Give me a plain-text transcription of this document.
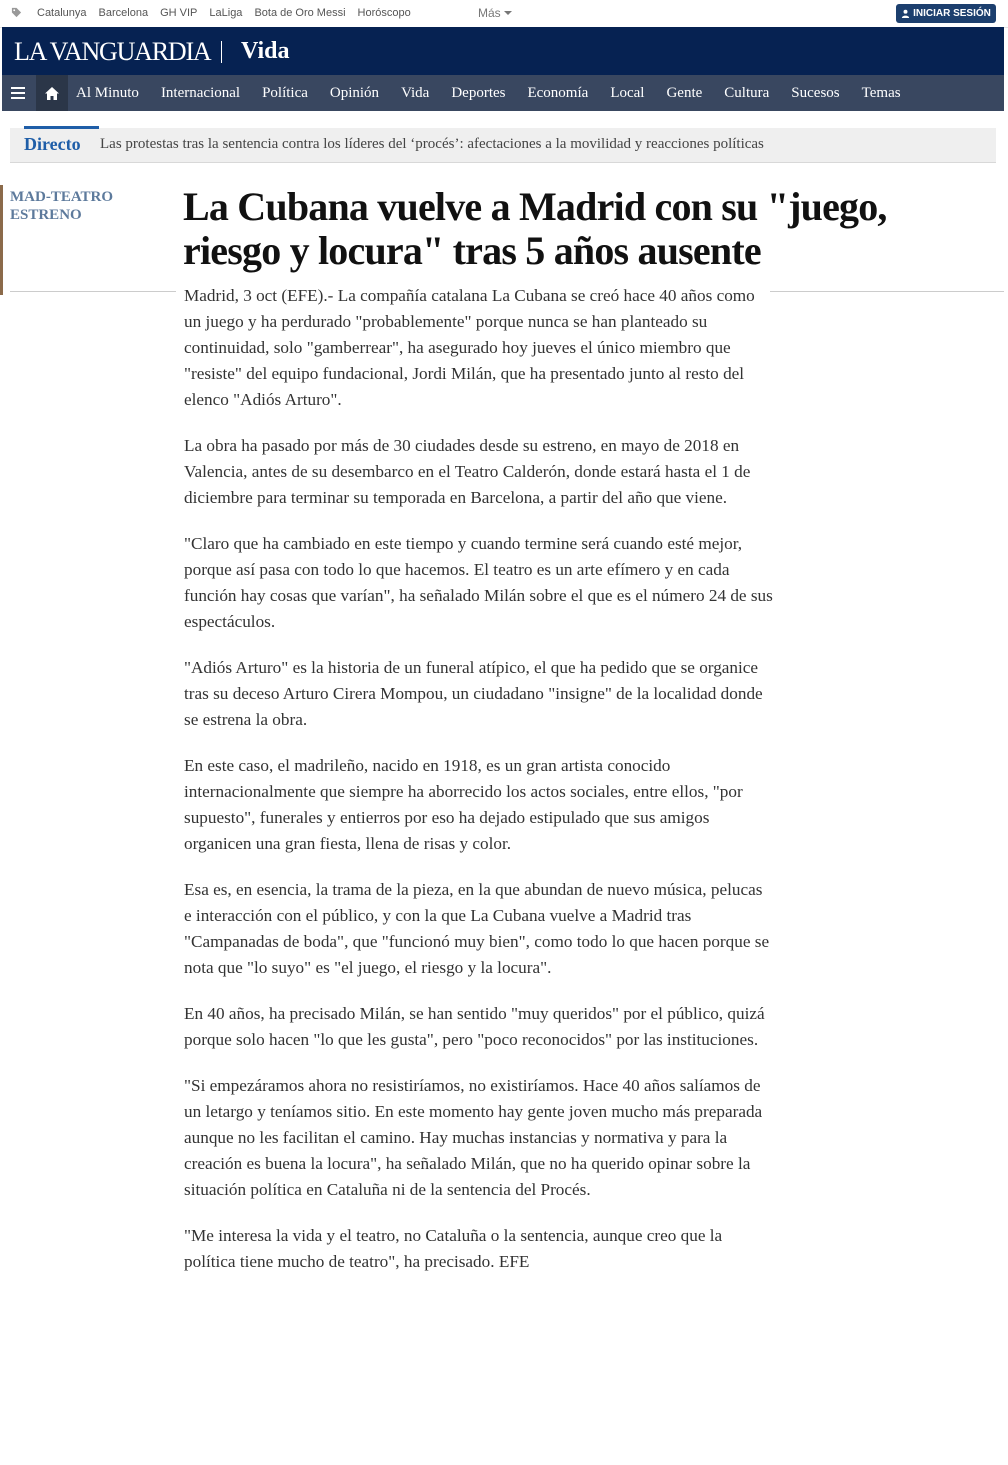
Catalunya Barcelona GH VIP LaLiga Bota de Oro Messi Horóscopo	Más	INICIAR SESIÓN
LA VANGUARDIA Vida
Al Minuto Internacional Política Opinión Vida Deportes Economía Local Gente Cultura Sucesos Temas
Directo Las protestas tras la sentencia contra los líderes del ‘procés’: afectaciones a la movilidad y reacciones políticas
MAD-TEATRO
ESTRENO	La Cubana vuelve a Madrid con su "juego, riesgo y locura" tras 5 años ausente

Madrid, 3 oct (EFE).- La compañía catalana La Cubana se creó hace 40 años como un juego y ha perdurado "probablemente" porque nunca se han planteado su continuidad, solo "gamberrear", ha asegurado hoy jueves el único miembro que "resiste" del equipo fundacional, Jordi Milán, que ha presentado junto al resto del elenco "Adiós Arturo".

La obra ha pasado por más de 30 ciudades desde su estreno, en mayo de 2018 en Valencia, antes de su desembarco en el Teatro Calderón, donde estará hasta el 1 de diciembre para terminar su temporada en Barcelona, a partir del año que viene.

"Claro que ha cambiado en este tiempo y cuando termine será cuando esté mejor, porque así pasa con todo lo que hacemos. El teatro es un arte efímero y en cada función hay cosas que varían", ha señalado Milán sobre el que es el número 24 de sus espectáculos.

"Adiós Arturo" es la historia de un funeral atípico, el que ha pedido que se organice tras su deceso Arturo Cirera Mompou, un ciudadano "insigne" de la localidad donde se estrena la obra.

En este caso, el madrileño, nacido en 1918, es un gran artista conocido internacionalmente que siempre ha aborrecido los actos sociales, entre ellos, "por supuesto", funerales y entierros por eso ha dejado estipulado que sus amigos organicen una gran fiesta, llena de risas y color.

Esa es, en esencia, la trama de la pieza, en la que abundan de nuevo música, pelucas e interacción con el público, y con la que La Cubana vuelve a Madrid tras "Campanadas de boda", que "funcionó muy bien", como todo lo que hacen porque se nota que "lo suyo" es "el juego, el riesgo y la locura".

En 40 años, ha precisado Milán, se han sentido "muy queridos" por el público, quizá porque solo hacen "lo que les gusta", pero "poco reconocidos" por las instituciones.

"Si empezáramos ahora no resistiríamos, no existiríamos. Hace 40 años salíamos de un letargo y teníamos sitio. En este momento hay gente joven mucho más preparada aunque no les facilitan el camino. Hay muchas instancias y normativa y para la creación es buena la locura", ha señalado Milán, que no ha querido opinar sobre la situación política en Cataluña ni de la sentencia del Procés.

"Me interesa la vida y el teatro, no Cataluña o la sentencia, aunque creo que la política tiene mucho de teatro", ha precisado. EFE
